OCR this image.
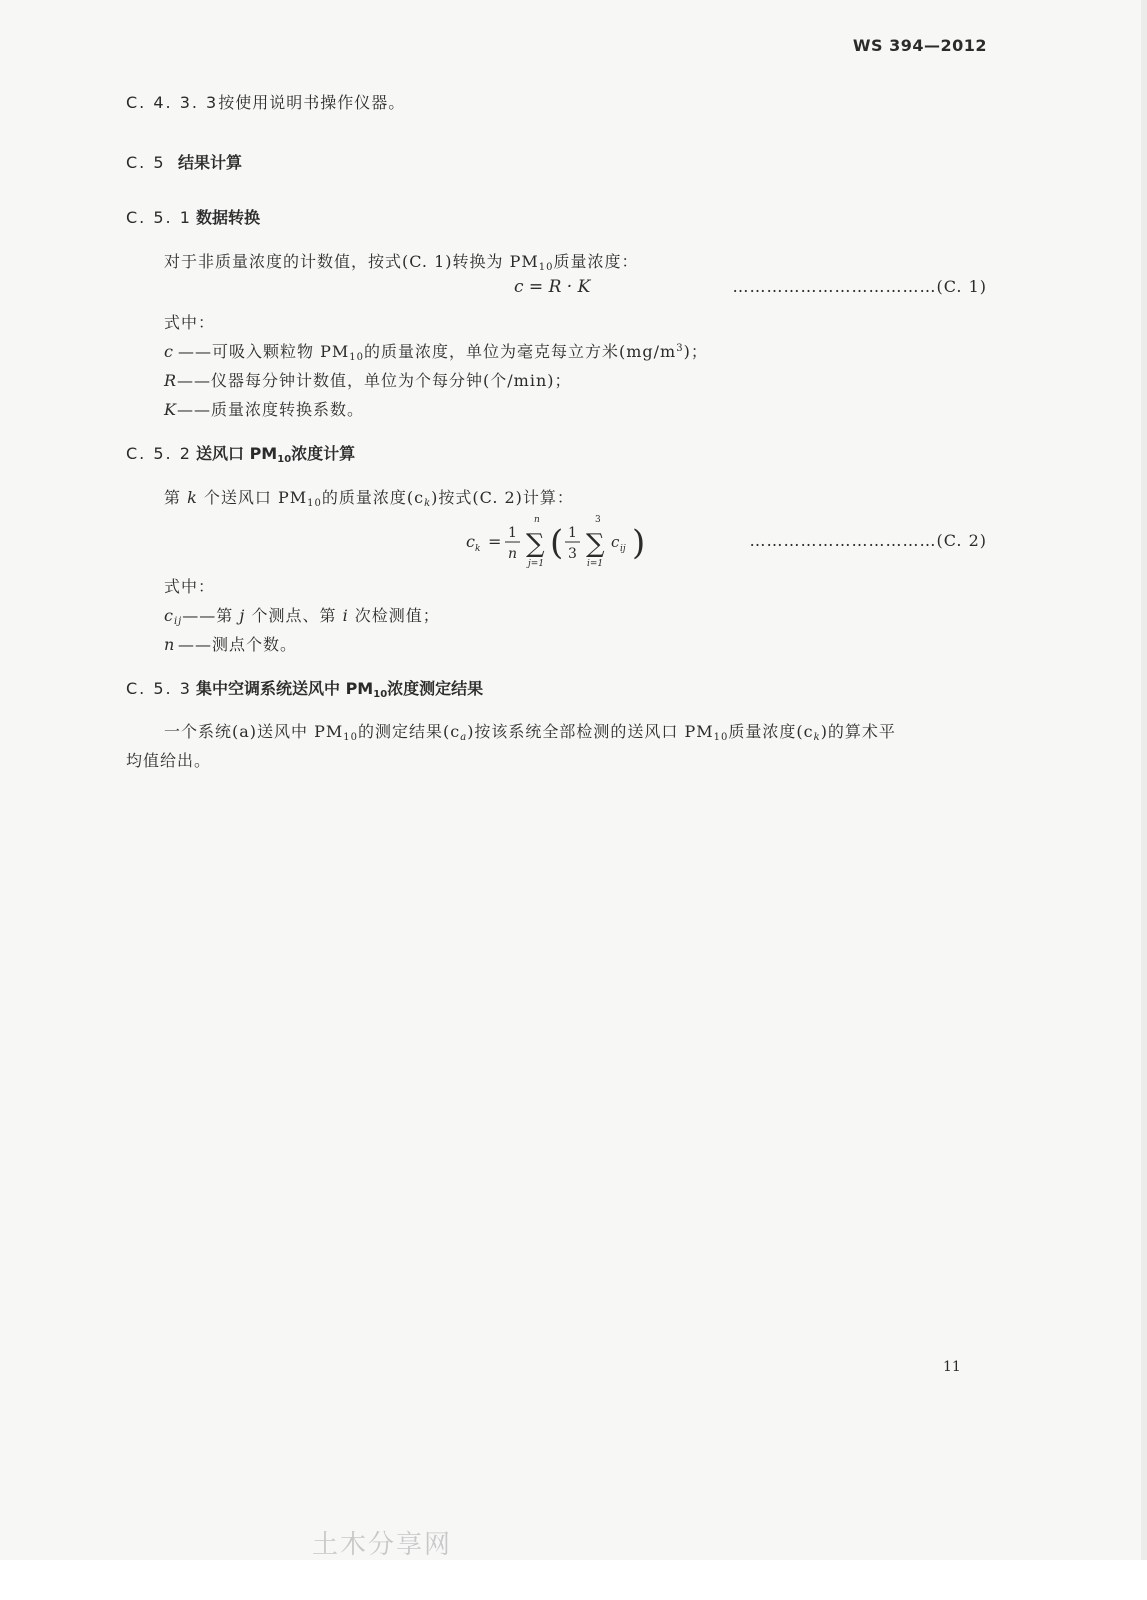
WS 394—2012
C. 4. 3. 3按使用说明书操作仪器。
C. 5 结果计算
C. 5. 1 数据转换
对于非质量浓度的计数值，按式(C. 1)转换为 $PM_{10}$质量浓度：
c = R · K	………………………………(C. 1)
式中：
c ——可吸入颗粒物 $PM_{10}$的质量浓度，单位为毫克每立方米$(mg/m^3)$；
R——仪器每分钟计数值，单位为个每分钟(个/min)；
K——质量浓度转换系数。
C. 5. 2 送风口 $PM_{10}$浓度计算
第 k 个送风口 $PM_{10}$的质量浓度$(c_k)$按式(C. 2)计算：
c k = 1
n
n
∑
j=1
( 1
3
3
∑
i=1
c ij )	……………………………(C. 2)
式中：
$c_{ij}——$第 j 个测点、第 i 次检测值；
n ——测点个数。
C. 5. 3 集中空调系统送风中 $PM_{10}$浓度测定结果
一个系统(a)送风中 $PM_{10}$的测定结果$(c_a)$按该系统全部检测的送风口 $PM_{10}$质量浓度$(c_k)$的算术平
均值给出。
11
土木分享网
